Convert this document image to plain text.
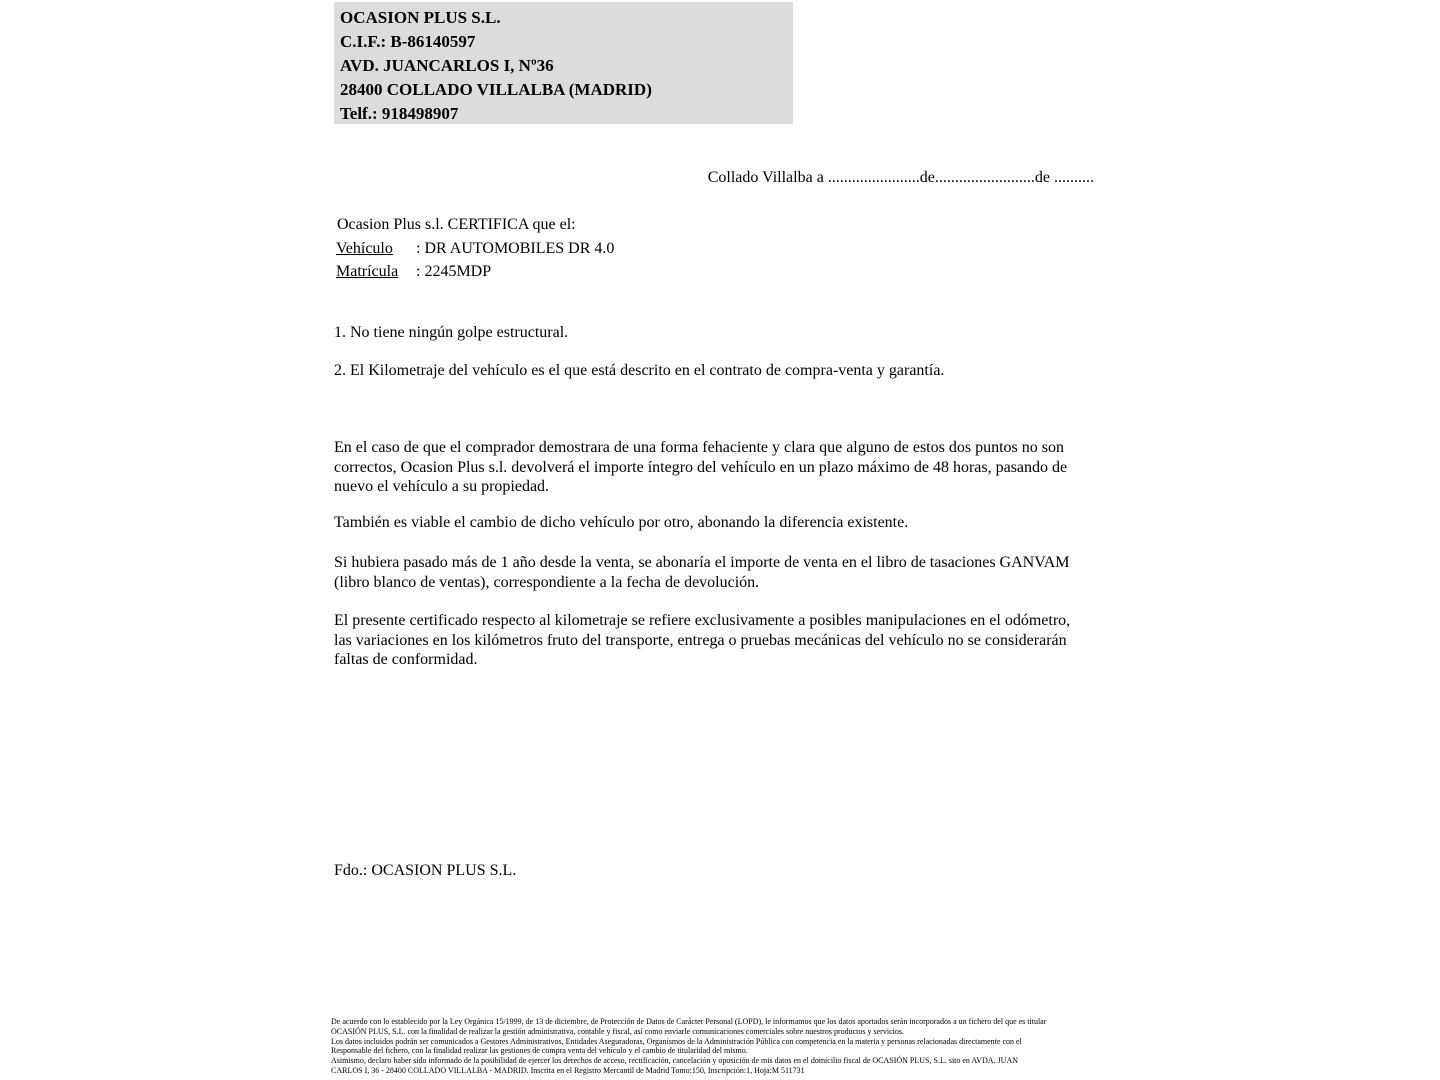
OCASION PLUS S.L.
C.I.F.: B-86140597
AVD. JUANCARLOS I, Nº36
28400 COLLADO VILLALBA (MADRID)
Telf.: 918498907
Collado Villalba a .......................de.........................de ..........
Ocasion Plus s.l. CERTIFICA que el:
Vehículo : DR AUTOMOBILES DR 4.0
Matrícula : 2245MDP
1. No tiene ningún golpe estructural.
2. El Kilometraje del vehículo es el que está descrito en el contrato de compra-venta y garantía.
En el caso de que el comprador demostrara de una forma fehaciente y clara que alguno de estos dos puntos no son correctos, Ocasion Plus s.l. devolverá el importe íntegro del vehículo en un plazo máximo de 48 horas, pasando de nuevo el vehículo a su propiedad.
También es viable el cambio de dicho vehículo por otro, abonando la diferencia existente.
Si hubiera pasado más de 1 año desde la venta, se abonaría el importe de venta en el libro de tasaciones GANVAM (libro blanco de ventas), correspondiente a la fecha de devolución.
El presente certificado respecto al kilometraje se refiere exclusivamente a posibles manipulaciones en el odómetro, las variaciones en los kilómetros fruto del transporte, entrega o pruebas mecánicas del vehículo no se considerarán faltas de conformidad.
Fdo.: OCASION PLUS S.L.
De acuerdo con lo establecido por la Ley Orgánica 15/1999, de 13 de diciembre, de Protección de Datos de Carácter Personal (LOPD), le informamos que los datos aportados serán incorporados a un fichero del que es titular
OCASIÓN PLUS, S.L. con la finalidad de realizar la gestión administrativa, contable y fiscal, así como enviarle comunicaciones comerciales sobre nuestros productos y servicios.
Los datos incluidos podrán ser comunicados a Gestores Administrativos, Entidades Aseguradoras, Organismos de la Administración Pública con competencia en la materia y personas relacionadas directamente con el
Responsable del fichero, con la finalidad realizar las gestiones de compra venta del vehículo y el cambio de titularidad del mismo.
Asimismo, declaro haber sido informado de la posibilidad de ejercer los derechos de acceso, rectificación, cancelación y oposición de mis datos en el domicilio fiscal de OCASIÓN PLUS, S.L. sito en AVDA. JUAN
CARLOS I, 36 - 28400 COLLADO VILLALBA - MADRID. Inscrita en el Registro Mercantil de Madrid Tomo:150, Inscripción:1, Hoja:M 511731
